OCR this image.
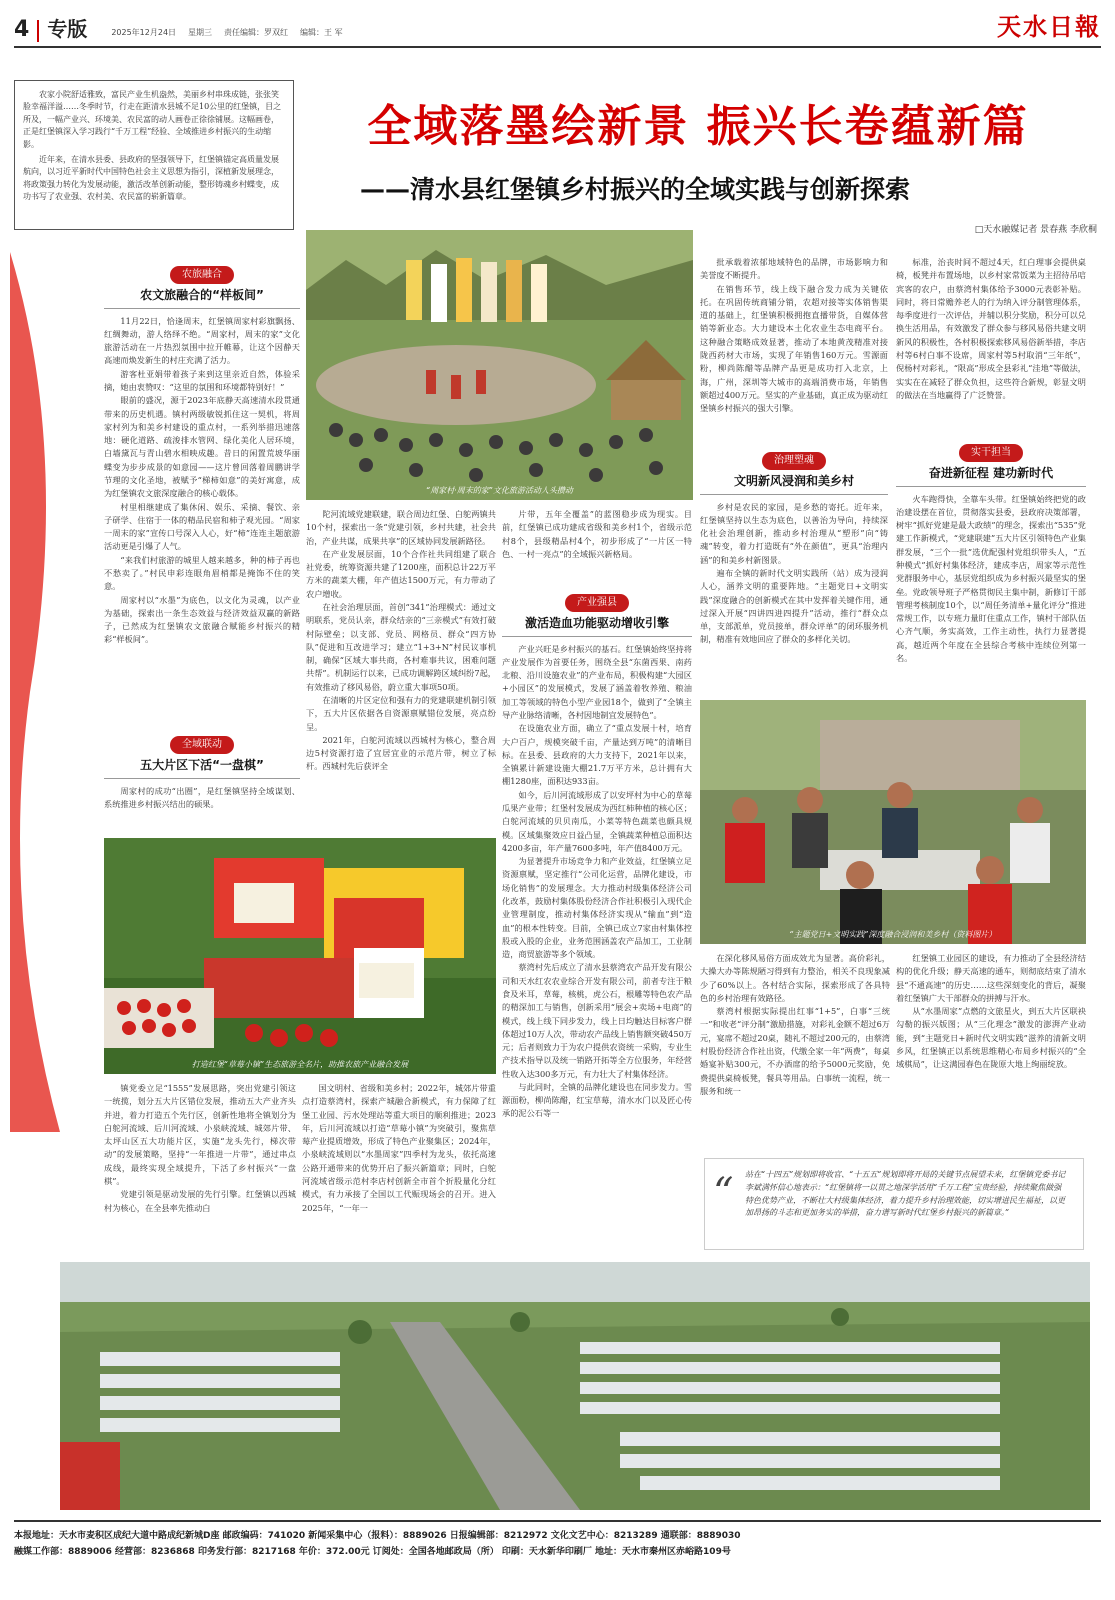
4 专版	2025年12月24日 星期三 责任编辑：罗双红 编辑：王 军	天水日報

农家小院舒适雅致，富民产业生机盎然，美丽乡村串珠成链，张张笑脸幸福洋溢……冬季时节，行走在距清水县城不足10公里的红堡镇，目之所及，一幅产业兴、环境美、农民富的动人画卷正徐徐铺展。这幅画卷，正是红堡镇深入学习践行“千万工程”经验、全域推进乡村振兴的生动缩影。

近年来，在清水县委、县政府的坚强领导下，红堡镇锚定高质量发展航向，以习近平新时代中国特色社会主义思想为指引，深植新发展理念，将政策强力转化为发展动能，激活改革创新动能，整形铸魂乡村蝶变，成功书写了农业强、农村美、农民富的崭新篇章。

全域落墨绘新景 振兴长卷蕴新篇
——清水县红堡镇乡村振兴的全域实践与创新探索
□天水融媒记者 景春燕 李欣桐
农旅融合
农文旅融合的“样板间”

11月22日，恰逢周末，红堡镇周家村彩旗飘扬、红绸舞动，游人络绎不绝。“周家村，周末的家”文化旅游活动在一片热烈氛围中拉开帷幕，让这个因静天高速而焕发新生的村庄充满了活力。

游客杜亚娟带着孩子来到这里亲近自然，体验采摘，她由衷赞叹：“这里的氛围和环境都特别好！”

眼前的盛况，源于2023年底静天高速清水段贯通带来的历史机遇。镇村两级敏锐抓住这一契机，将周家村列为和美乡村建设的重点村，一系列举措迅速落地：硬化道路、疏浚排水管网、绿化美化人居环境，白墙黛瓦与青山碧水相映成趣。昔日的闲置荒坡华丽蝶变为步步成景的如意园——这片曾回落着周鹏讲学节理的文化圣地，被赋予“梯柿如意”的美好寓意，成为红堡镇农文旅深度融合的核心载体。

村里相继建成了集休闲、娱乐、采摘、餐饮、亲子研学、住宿于一体的精品民宿和柿子观光园。“周家一周末的家”宣传口号深入人心，好“柿”连连主题旅游活动更是引爆了人气。

“来我们村旅游的城里人越来越多，种的柿子再也不愁卖了。”村民申彩连眼角眉梢都是掩饰不住的笑意。

周家村以“水墨”为底色，以文化为灵魂，以产业为基础，探索出一条生态效益与经济效益双赢的新路子，已然成为红堡镇农文旅融合赋能乡村振兴的精彩“样板间”。

全域联动
五大片区下活“一盘棋”

周家村的成功“出圈”，是红堡镇坚持全域谋划、系统推进乡村振兴结出的硕果。

“周家村·周末的家”文化旅游活动人头攒动

陀河流域党建联建，联合周边红堡、白鸵两镇共10个村，探索出一条“党建引领，乡村共建，社会共治，产业共谋，成果共享”的区域协同发展新路径。

在产业发展层面，10个合作社共同组建了联合社党委，统筹资源共建了1200座，面积总计22万平方米的蔬菜大棚，年产值达1500万元，有力带动了农户增收。

在社会治理层面，首创“341”治理模式：通过文明联系，党员认亲，群众结亲的“三亲模式”有效打破村际壁垒；以支部、党员、网格员、群众“四方协队”促进和互改进学习；建立“1+3+N”村民议事机制，确保“区域大事共商，各村难事共议，困难问题共帮”。机制运行以来，已成功调解跨区域纠纷7起，有效推动了移风易俗，蔚立重大事项50项。

在清晰的片区定位和强有力的党建联建机制引领下，五大片区依据各自资源禀赋错位发展，亮点纷呈。

2021年，白鸵河流域以西城村为核心，整合周边5村资源打造了宜居宜业的示范片带，树立了标杆。西城村先后获评全

片带，五年全覆盖”的蓝图稳步成为现实。目前，红堡镇已成功建成省级和美乡村1个，省级示范村8个，县级精品村4个，初步形成了“一片区一特色、一村一亮点”的全域振兴新格局。

产业强县
激活造血功能驱动增收引擎

产业兴旺是乡村振兴的基石。红堡镇始终坚持将产业发展作为首要任务，围绕全县“东菌西果、南药北粮、沿川设施农业”的产业布局，积极构建“大园区+小园区”的发展模式，发展了涵盖着牧养殖、粮油加工等领域的特色小型产业园18个，做到了“全镇主导产业脉络清晰，各村因地制宜发展特色”。

在设施农业方面，确立了“重点发展十村，培育大户百户，规模突破千亩，产量达到万吨”的清晰目标。在县委、县政府的大力支持下，2021年以来，全镇累计新建设施大棚21.7万平方米，总计拥有大棚1280座，面积达933亩。

如今，后川河流域形成了以安坪村为中心的草莓瓜果产业带；红堡村发展成为西红柿种植的核心区；白鸵河流域的贝贝南瓜，小菜等特色蔬菜也颇具规模。区域集聚效应日益凸显，全镇蔬菜种植总面积达4200多亩，年产量7600多吨，年产值8400万元。

为显著提升市场竞争力和产业效益，红堡镇立足资源禀赋，坚定推行“公司化运营，品牌化建设，市场化销售”的发展理念。大力推动村级集体经济公司化改革，鼓励村集体股份经济合作社积极引入现代企业管理制度，推动村集体经济实现从“输血”到“造血”的根本性转变。目前，全镇已成立7家由村集体控股或入股的企业，业务范围涵盖农产品加工，工业制造，商贸旅游等多个领域。

蔡湾村先后成立了清水县蔡湾农产品开发有限公司和天水红农农业综合开发有限公司，前者专注于粮食及米耳，草莓，核桃，虎公石，根雕等特色农产品的精深加工与销售，创新采用“展会+卖场+电商”的模式，线上线下同步发力，线上日均触达目标客户群体超过10万人次，带动农产品线上销售额突破450万元；后者则致力于为农户提供农资统一采购，专业生产技术指导以及统一销路开拓等全方位服务，年经营性收入达300多万元，有力壮大了村集体经济。

与此同时，全镇的品牌化建设也在同步发力。雪源面粉，柳尚陈醋，红宝草莓，清水水门以及匠心传承的泥公石等一

打造红堡“草莓小镇”生态旅游全名片，助推农旅产业融合发展

镇党委立足“1555”发展思路，突出党建引领这一统揽，划分五大片区错位发展，推动五大产业齐头并进，着力打造五个先行区，创新性地将全镇划分为白鸵河流域、后川河流域、小泉峡流域、城郊片带、太坪山区五大功能片区，实施“龙头先行，梯次带动”的发展策略，坚持“一年推进一片带”，通过串点成线，最终实现全域提升，下活了乡村振兴“一盘棋”。

党建引领是驱动发展的先行引擎。红堡镇以西城村为核心，在全县率先推动白

国文明村、省级和美乡村；2022年，城郊片带重点打造蔡湾村，探索产城融合新模式，有力保障了红堡工业园、污水处理站等重大项目的顺利推进；2023年，后川河流域以打造“草莓小镇”为突破引，聚焦草莓产业提质增效，形成了特色产业聚集区；2024年，小泉峡流域则以“水墨周家”四季村为龙头，依托高速公路开通带来的优势开启了振兴新篇章；同时，白鸵河流域省级示范村李店村创新全市首个折股量化分红模式，有力承接了全国以工代赈现场会的召开。进入2025年，“一年一

批承载着浓郁地域特色的品牌，市场影响力和美誉度不断提升。

在销售环节，线上线下融合发力成为关键依托。在巩固传统商铺分销，农超对接等实体销售渠道的基础上，红堡镇积极拥抱直播带货，自媒体营销等新业态。大力建设本土化农业生态电商平台。这种融合策略成效显著，推动了本地黄茂精准对接陇西药材大市场，实现了年销售160万元。雪源面粉，柳尚陈醋等品牌产品更是成功打入北京，上海，广州，深圳等大城市的高端消费市场，年销售额超过400万元。坚实的产业基础，真正成为驱动红堡镇乡村振兴的强大引擎。

治理塑魂
文明新风浸润和美乡村

乡村是农民的家园，是乡愁的寄托。近年来，红堡镇坚持以生态为底色，以善治为导向，持续深化社会治理创新，推动乡村治理从“塑形”向“铸魂”转变，着力打造既有“外在颜值”，更具“治理内涵”的和美乡村新图景。

遍布全镇的新时代文明实践所（站）成为浸润人心，涵养文明的重要阵地。“主题党日+文明实践”深度融合的创新模式在其中发挥着关键作用，通过深入开展“四讲四进四提升”活动，推行“群众点单，支部派单，党员接单，群众评单”的闭环服务机制，精准有效地回应了群众的多样化关切。

标准，治丧时间不超过4天，红白理事会提供桌椅，板凳并布置场地，以乡村家常饭菜为主招待吊唁宾客的农户，由蔡湾村集体给予3000元表彰补贴。同时，将日常赡养老人的行为纳入评分制管理体系，每季度进行一次评估，并辅以积分奖励，积分可以兑换生活用品，有效激发了群众参与移风易俗共建文明新风的积极性，各村积极探索移风易俗新举措，李店村等6村白事不设席，周家村等5村取消“三年纸”，倪杨村对彩礼，“限高”形成全县彩礼“洼地”等做法，实实在在减轻了群众负担，这些符合新规，彰显文明的做法在当地赢得了广泛赞誉。

实干担当
奋进新征程 建功新时代

火车跑得快，全靠车头带。红堡镇始终把党的政治建设摆在首位，贯彻落实县委，县政府决策部署，树牢“抓好党建是最大政绩”的理念，探索出“535”党建工作新模式，“党建联建”五大片区引领特色产业集群发展，“三个一批”选优配强村党组织带头人，“五种模式”抓好村集体经济，建成李店，周家等示范性党群服务中心，基层党组织成为乡村振兴最坚实的堡垒。党政领导班子严格贯彻民主集中制，新修订干部管理考核制度10个，以“周任务清单+量化评分”推进常规工作，以专班力量盯住重点工作，镇村干部队伍心齐气顺，务实高效，工作主动性，执行力显著提高，越近两个年度在全县综合考核中连续位列第一名。

“主题党日+文明实践”深度融合浸润和美乡村（资料图片）

在深化移风易俗方面成效尤为显著。高价彩礼，大操大办等陈规陋习得到有力整治，相关不良现象减少了60%以上。各村结合实际，探索形成了各具特色的乡村治理有效路径。

蔡湾村根据实际提出红事“1+5”，白事“三统一”和收老“评分制”激励措施，对彩礼金额不超过6万元，宴席不超过20桌，随礼不超过200元的，由蔡湾村股份经济合作社出资，代缴全家一年“两费”，每桌婚宴补贴300元，不办酒席的给予5000元奖励，免费提供桌椅板凳，餐具等用品。白事统一流程，统一服务和统一

红堡镇工业园区的建设，有力推动了全县经济结构的优化升级；静天高速的通车，则彻底结束了清水县“不通高速”的历史……这些深刻变化的背后，凝聚着红堡镇广大干部群众的拼搏与汗水。

从“水墨周家”点燃的文旅星火，到五大片区联袂勾勒的振兴版图；从“三化理念”激发的澎湃产业动能，到“主题党日+新时代文明实践”滋养的清新文明乡风，红堡镇正以系统思维精心布局乡村振兴的“全域棋局”，让这满园春色在陇原大地上绚丽绽放。

“ 站在“十四五”规划即将收官、“十五五”规划即将开局的关键节点展望未来，红堡镇党委书记李斌满怀信心地表示：“红堡镇将一以贯之地深学活用“千万工程”宝贵经验，持续聚焦做强特色优势产业，不断壮大村级集体经济，着力提升乡村治理效能，切实增进民生福祉，以更加昂扬的斗志和更加务实的举措，奋力谱写新时代红堡乡村振兴的新篇章。”
本报地址：天水市麦积区成纪大道中路成纪新城D座 邮政编码：741020 新闻采集中心（报料）：8889026 日报编辑部：8212972 文化文艺中心：8213289 通联部：8889030
融媒工作部：8889006 经营部：8236868 印务发行部：8217168 年价：372.00元 订阅处：全国各地邮政局（所） 印刷：天水新华印刷厂 地址：天水市秦州区赤峪路109号
